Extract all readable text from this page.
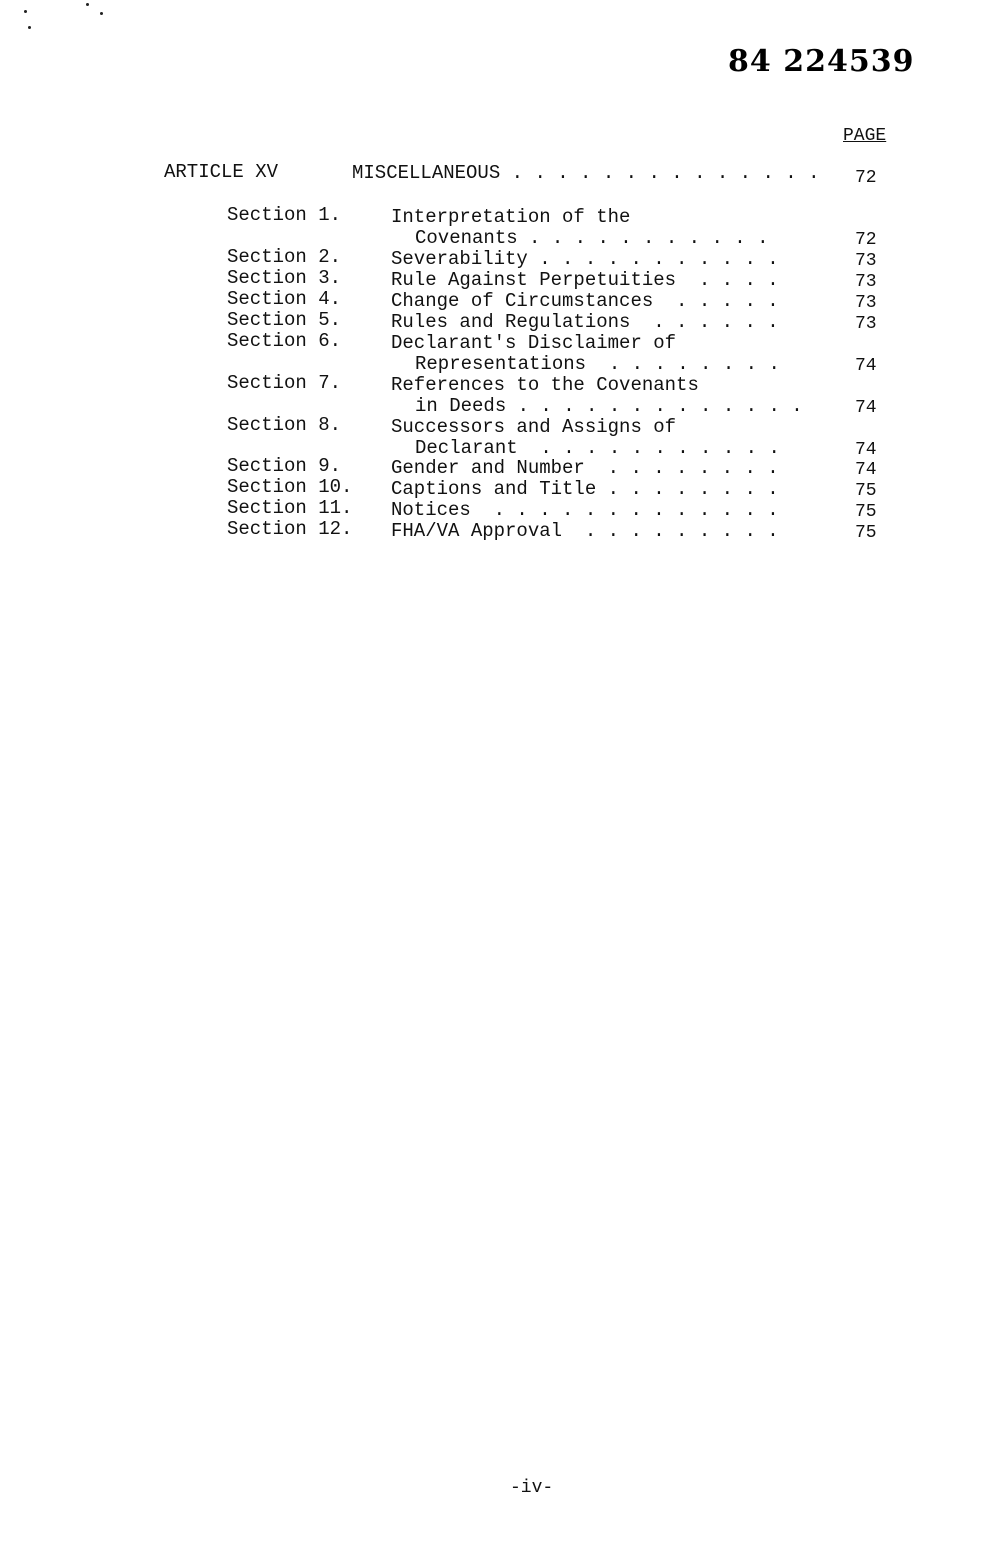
84 224539
PAGE
ARTICLE XV	MISCELLANEOUS . . . . . . . . . . . . . . 72
Section 1.	Interpretation of the
Covenants . . . . . . . . . . .	72
Section 2.	Severability . . . . . . . . . . .	73
Section 3.	Rule Against Perpetuities  . . . .	73
Section 4.	Change of Circumstances  . . . . .	73
Section 5.	Rules and Regulations  . . . . . .	73
Section 6.	Declarant's Disclaimer of
Representations  . . . . . . . .	74
Section 7.	References to the Covenants
in Deeds . . . . . . . . . . . . .	74
Section 8.	Successors and Assigns of
Declarant  . . . . . . . . . . .	74
Section 9.	Gender and Number  . . . . . . . .	74
Section 10. Captions and Title . . . . . . . .	75
Section 11. Notices  . . . . . . . . . . . . .	75
Section 12. FHA/VA Approval  . . . . . . . . .	75
-iv-
